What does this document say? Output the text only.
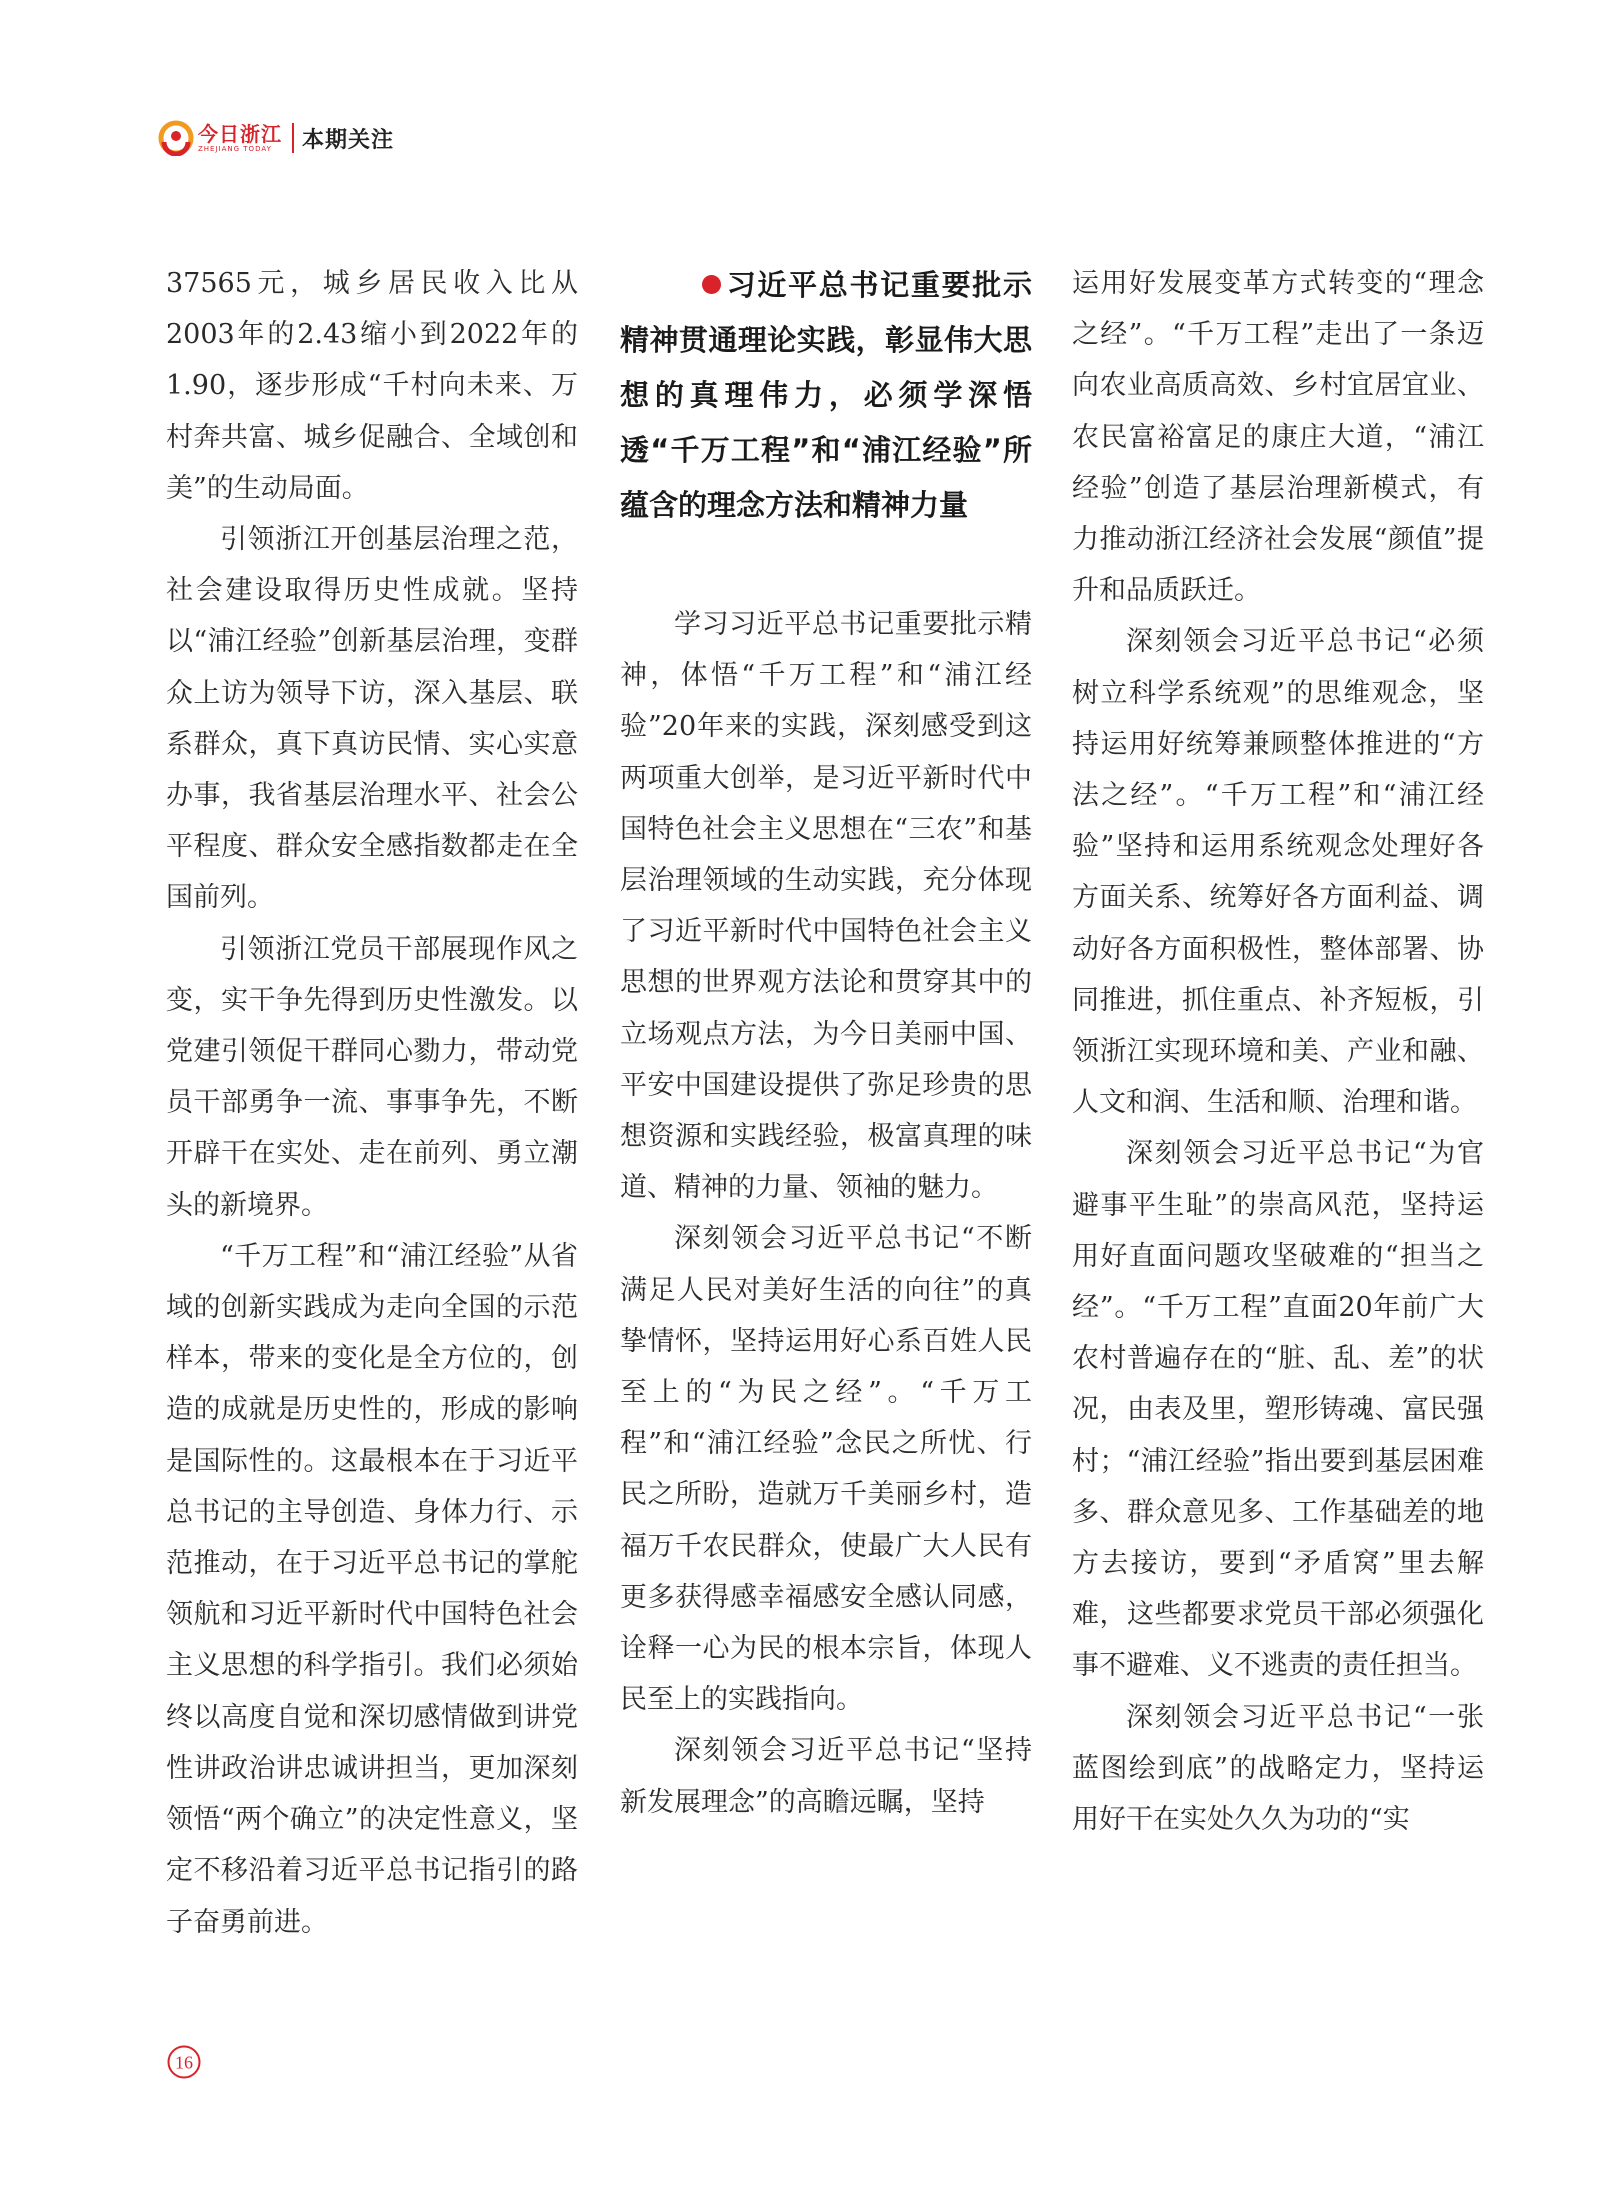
今日浙江
ZHEJIANG TODAY	本期关注

37565元，城乡居民收入比从2003年的2.43缩小到2022年的1.90，逐步形成“千村向未来、万村奔共富、城乡促融合、全域创和美”的生动局面。

引领浙江开创基层治理之范，社会建设取得历史性成就。坚持以“浦江经验”创新基层治理，变群众上访为领导下访，深入基层、联系群众，真下真访民情、实心实意办事，我省基层治理水平、社会公平程度、群众安全感指数都走在全国前列。

引领浙江党员干部展现作风之变，实干争先得到历史性激发。以党建引领促干群同心勠力，带动党员干部勇争一流、事事争先，不断开辟干在实处、走在前列、勇立潮头的新境界。

“千万工程”和“浦江经验”从省域的创新实践成为走向全国的示范样本，带来的变化是全方位的，创造的成就是历史性的，形成的影响是国际性的。这最根本在于习近平总书记的主导创造、身体力行、示范推动，在于习近平总书记的掌舵领航和习近平新时代中国特色社会主义思想的科学指引。我们必须始终以高度自觉和深切感情做到讲党性讲政治讲忠诚讲担当，更加深刻领悟“两个确立”的决定性意义，坚定不移沿着习近平总书记指引的路子奋勇前进。

习近平总书记重要批示精神贯通理论实践，彰显伟大思想的真理伟力，必须学深悟透“千万工程”和“浦江经验”所蕴含的理念方法和精神力量

学习习近平总书记重要批示精神，体悟“千万工程”和“浦江经验”20年来的实践，深刻感受到这两项重大创举，是习近平新时代中国特色社会主义思想在“三农”和基层治理领域的生动实践，充分体现了习近平新时代中国特色社会主义思想的世界观方法论和贯穿其中的立场观点方法，为今日美丽中国、平安中国建设提供了弥足珍贵的思想资源和实践经验，极富真理的味道、精神的力量、领袖的魅力。

深刻领会习近平总书记“不断满足人民对美好生活的向往”的真挚情怀，坚持运用好心系百姓人民至上的“为民之经”。“千万工程”和“浦江经验”念民之所忧、行民之所盼，造就万千美丽乡村，造福万千农民群众，使最广大人民有更多获得感幸福感安全感认同感，诠释一心为民的根本宗旨，体现人民至上的实践指向。

深刻领会习近平总书记“坚持新发展理念”的高瞻远瞩，坚持

运用好发展变革方式转变的“理念之经”。“千万工程”走出了一条迈向农业高质高效、乡村宜居宜业、农民富裕富足的康庄大道，“浦江经验”创造了基层治理新模式，有力推动浙江经济社会发展“颜值”提升和品质跃迁。

深刻领会习近平总书记“必须树立科学系统观”的思维观念，坚持运用好统筹兼顾整体推进的“方法之经”。“千万工程”和“浦江经验”坚持和运用系统观念处理好各方面关系、统筹好各方面利益、调动好各方面积极性，整体部署、协同推进，抓住重点、补齐短板，引领浙江实现环境和美、产业和融、人文和润、生活和顺、治理和谐。

深刻领会习近平总书记“为官避事平生耻”的崇高风范，坚持运用好直面问题攻坚破难的“担当之经”。“千万工程”直面20年前广大农村普遍存在的“脏、乱、差”的状况，由表及里，塑形铸魂、富民强村；“浦江经验”指出要到基层困难多、群众意见多、工作基础差的地方去接访，要到“矛盾窝”里去解难，这些都要求党员干部必须强化事不避难、义不逃责的责任担当。

深刻领会习近平总书记“一张蓝图绘到底”的战略定力，坚持运用好干在实处久久为功的“实

16
